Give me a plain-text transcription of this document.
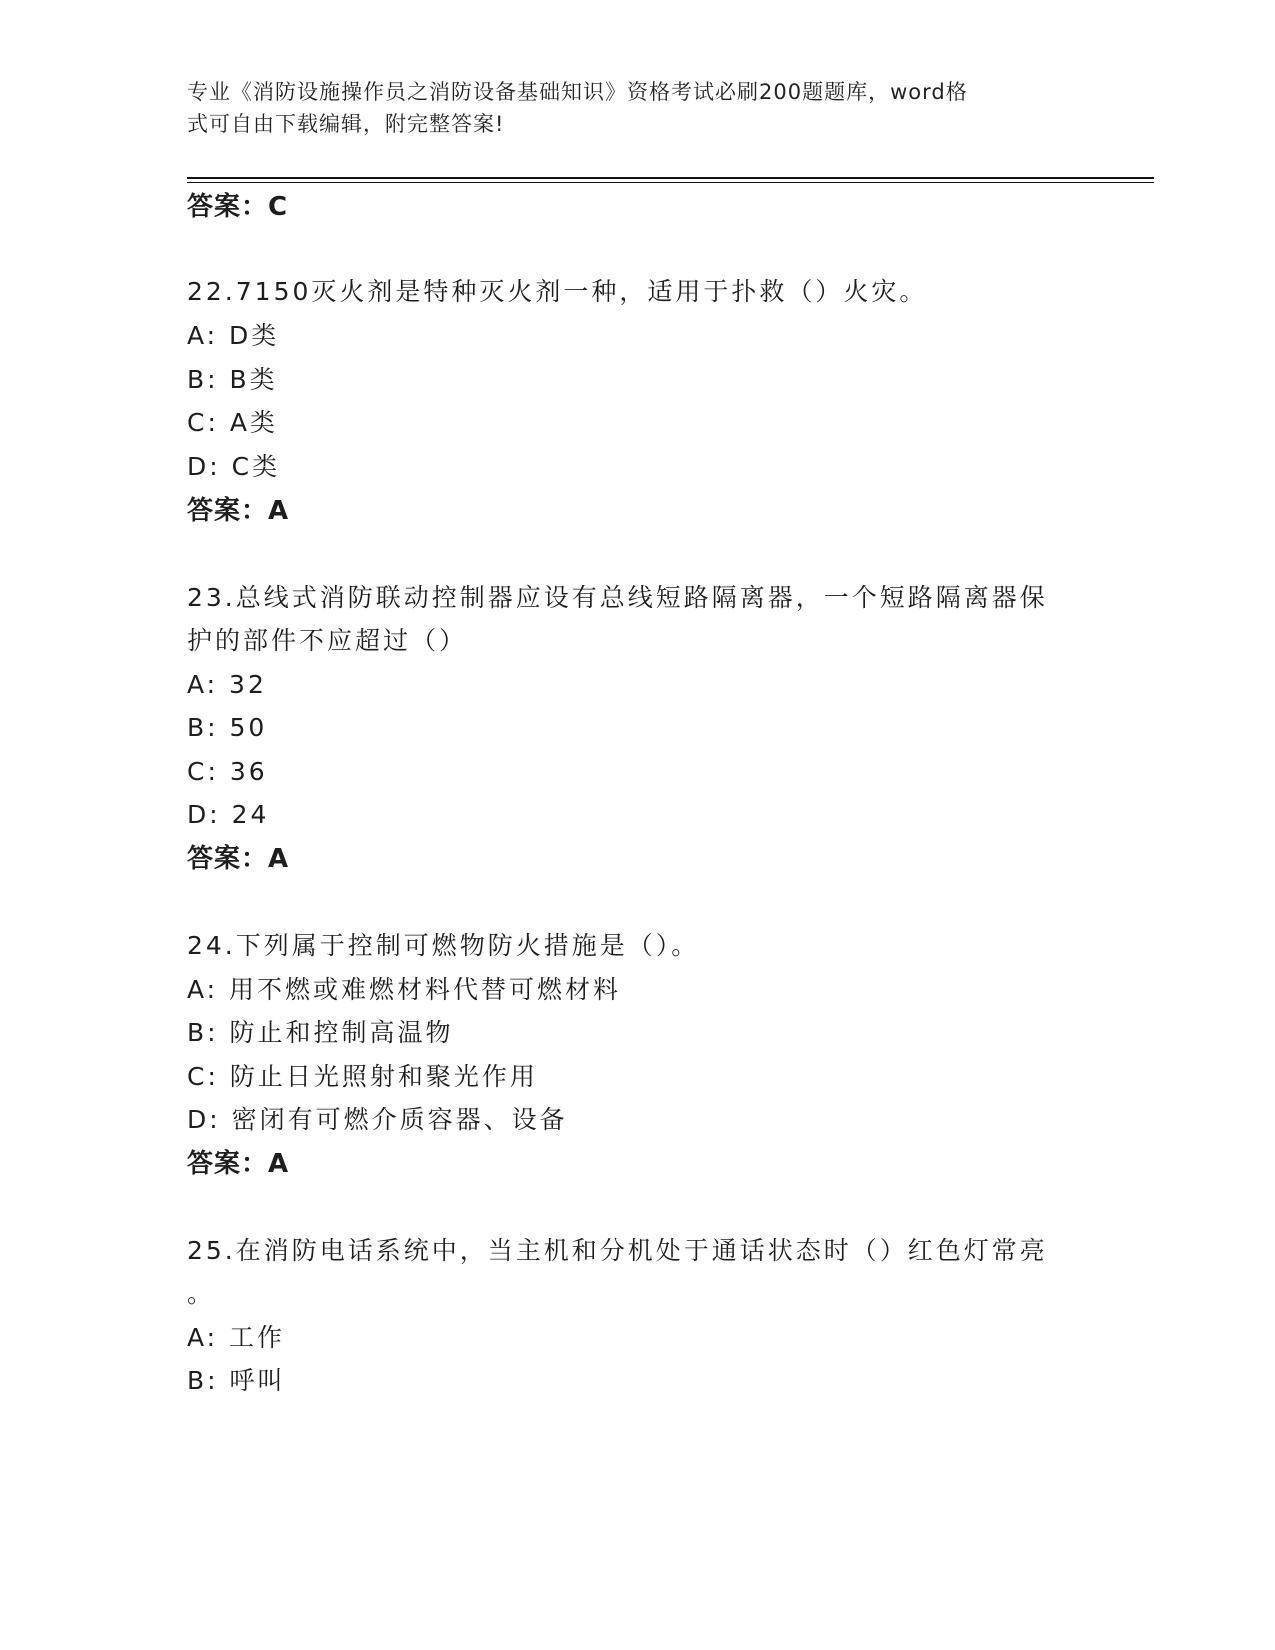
专业《消防设施操作员之消防设备基础知识》资格考试必刷200题题库，word格
式可自由下载编辑，附完整答案!
答案：C
22.7150灭火剂是特种灭火剂一种，适用于扑救（）火灾。
A: D类
B: B类
C: A类
D: C类
答案：A
23.总线式消防联动控制器应设有总线短路隔离器，一个短路隔离器保
护的部件不应超过（）
A: 32
B: 50
C: 36
D: 24
答案：A
24.下列属于控制可燃物防火措施是（）。
A: 用不燃或难燃材料代替可燃材料
B: 防止和控制高温物
C: 防止日光照射和聚光作用
D: 密闭有可燃介质容器、设备
答案：A
25.在消防电话系统中，当主机和分机处于通话状态时（）红色灯常亮
。
A: 工作
B: 呼叫
